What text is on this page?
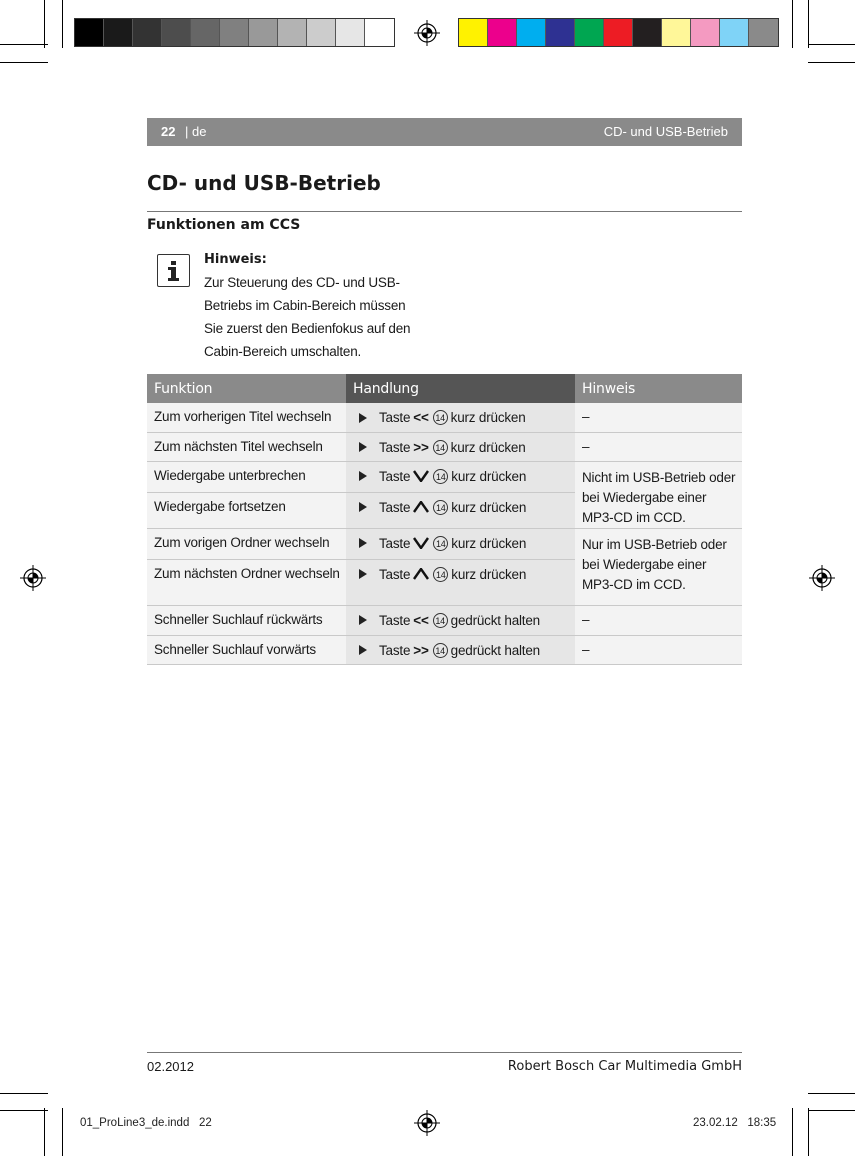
22 | de	CD- und USB-Betrieb
CD- und USB-Betrieb
Funktionen am CCS
Hinweis:
Zur Steuerung des CD- und USB-
Betriebs im Cabin-Bereich müssen
Sie zuerst den Bedienfokus auf den
Cabin-Bereich umschalten.
Funktion	Handlung	Hinweis
Zum vorherigen Titel wechseln	Taste << 14 kurz drücken	–
Zum nächsten Titel wechseln	Taste >> 14 kurz drücken	–
Wiedergabe unterbrechen	Taste 14 kurz drücken	Nicht im USB-Betrieb oder bei Wiedergabe einer MP3-CD im CCD.
Wiedergabe fortsetzen	Taste 14 kurz drücken	

Zum vorigen Ordner wechseln	Taste 14 kurz drücken	Nur im USB-Betrieb oder bei Wiedergabe einer MP3-CD im CCD.
Zum nächsten Ordner wechseln	Taste 14 kurz drücken	

Schneller Suchlauf rückwärts	Taste << 14 gedrückt halten	–
Schneller Suchlauf vorwärts	Taste >> 14 gedrückt halten	–
02.2012	Robert Bosch Car Multimedia GmbH
01_ProLine3_de.indd 22	23.02.12 18:35
